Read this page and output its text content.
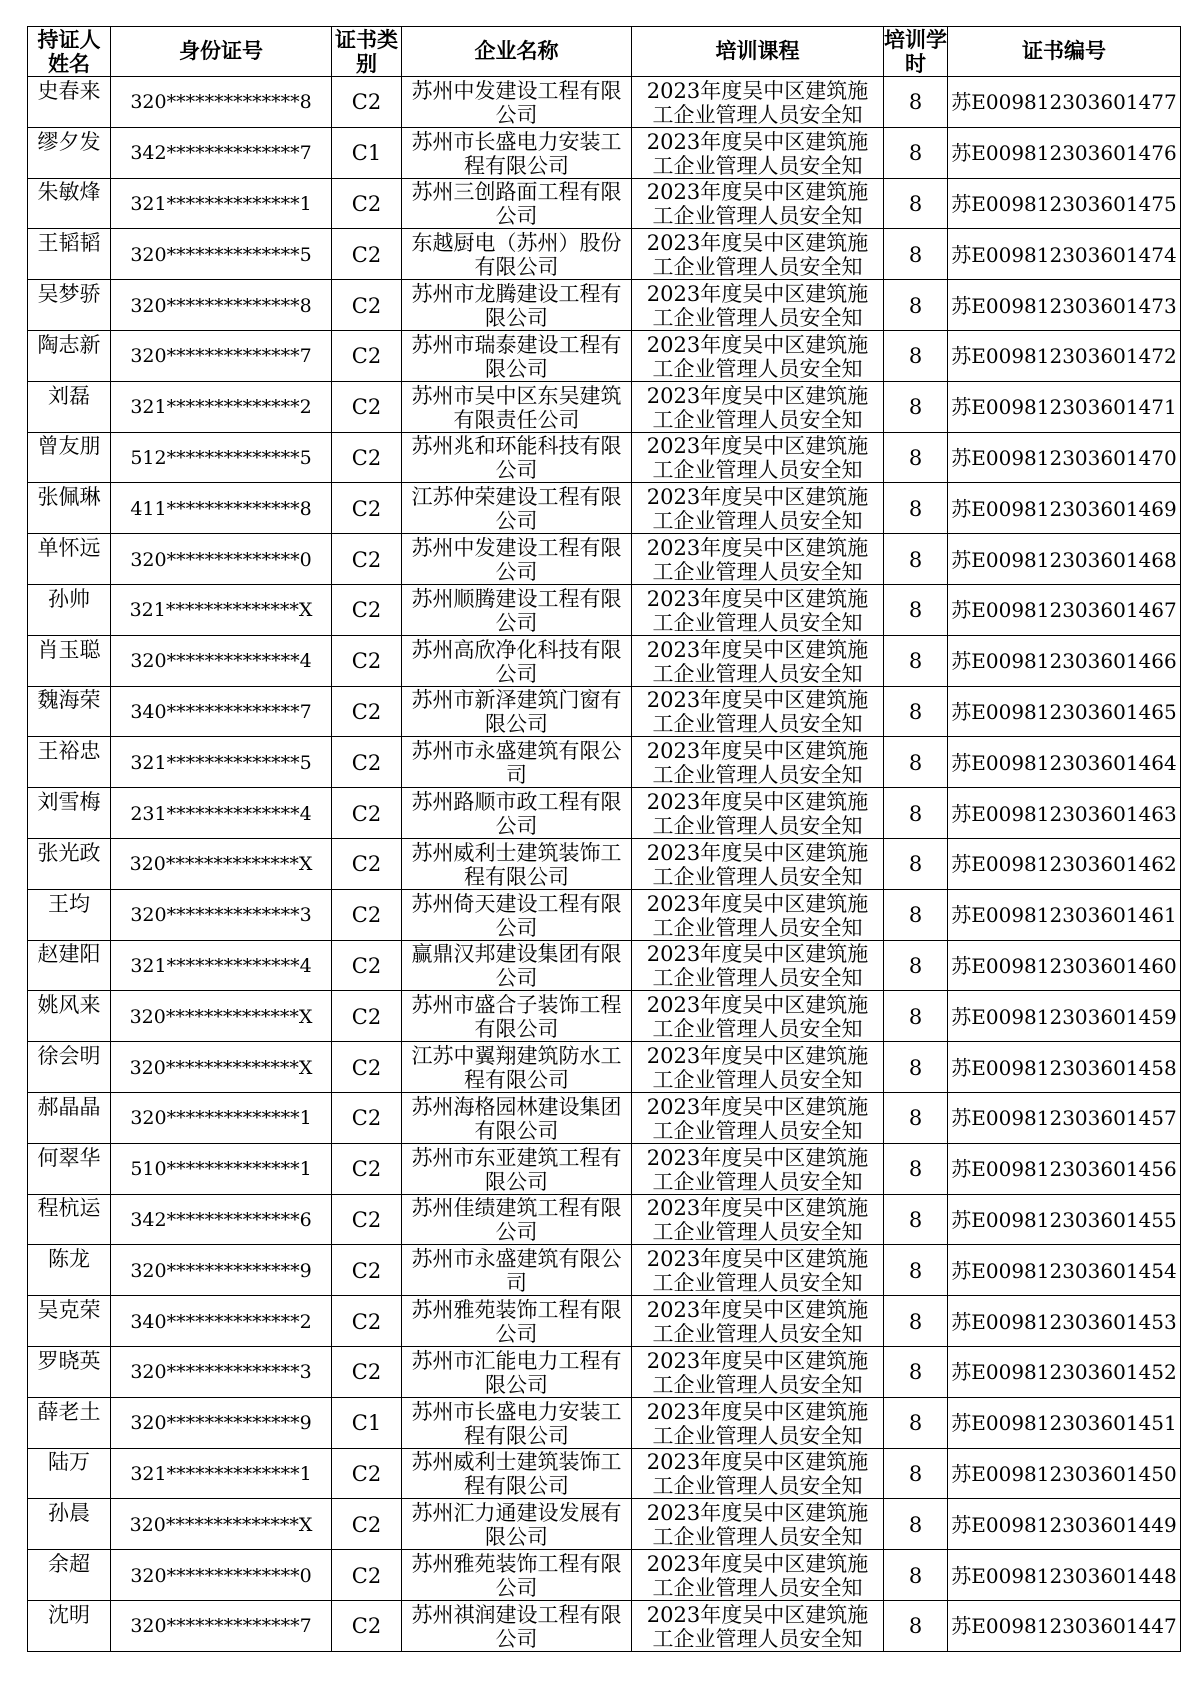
持证人姓名	身份证号	证书类别	企业名称	培训课程	培训学时	证书编号

史春来	320**************8	C2	苏州中发建设工程有限公司	2023年度吴中区建筑施工企业管理人员安全知	8	苏E009812303601477

缪夕发	342**************7	C1	苏州市长盛电力安装工程有限公司	2023年度吴中区建筑施工企业管理人员安全知	8	苏E009812303601476

朱敏烽	321**************1	C2	苏州三创路面工程有限公司	2023年度吴中区建筑施工企业管理人员安全知	8	苏E009812303601475

王韬韬	320**************5	C2	东越厨电（苏州）股份有限公司	2023年度吴中区建筑施工企业管理人员安全知	8	苏E009812303601474

吴梦骄	320**************8	C2	苏州市龙腾建设工程有限公司	2023年度吴中区建筑施工企业管理人员安全知	8	苏E009812303601473

陶志新	320**************7	C2	苏州市瑞泰建设工程有限公司	2023年度吴中区建筑施工企业管理人员安全知	8	苏E009812303601472

刘磊	321**************2	C2	苏州市吴中区东吴建筑有限责任公司	2023年度吴中区建筑施工企业管理人员安全知	8	苏E009812303601471

曾友朋	512**************5	C2	苏州兆和环能科技有限公司	2023年度吴中区建筑施工企业管理人员安全知	8	苏E009812303601470

张佩琳	411**************8	C2	江苏仲荣建设工程有限公司	2023年度吴中区建筑施工企业管理人员安全知	8	苏E009812303601469

单怀远	320**************0	C2	苏州中发建设工程有限公司	2023年度吴中区建筑施工企业管理人员安全知	8	苏E009812303601468

孙帅	321**************X	C2	苏州顺腾建设工程有限公司	2023年度吴中区建筑施工企业管理人员安全知	8	苏E009812303601467

肖玉聪	320**************4	C2	苏州高欣净化科技有限公司	2023年度吴中区建筑施工企业管理人员安全知	8	苏E009812303601466

魏海荣	340**************7	C2	苏州市新泽建筑门窗有限公司	2023年度吴中区建筑施工企业管理人员安全知	8	苏E009812303601465

王裕忠	321**************5	C2	苏州市永盛建筑有限公司	2023年度吴中区建筑施工企业管理人员安全知	8	苏E009812303601464

刘雪梅	231**************4	C2	苏州路顺市政工程有限公司	2023年度吴中区建筑施工企业管理人员安全知	8	苏E009812303601463

张光政	320**************X	C2	苏州威利士建筑装饰工程有限公司	2023年度吴中区建筑施工企业管理人员安全知	8	苏E009812303601462

王均	320**************3	C2	苏州倚天建设工程有限公司	2023年度吴中区建筑施工企业管理人员安全知	8	苏E009812303601461

赵建阳	321**************4	C2	赢鼎汉邦建设集团有限公司	2023年度吴中区建筑施工企业管理人员安全知	8	苏E009812303601460

姚风来	320**************X	C2	苏州市盛合子装饰工程有限公司	2023年度吴中区建筑施工企业管理人员安全知	8	苏E009812303601459

徐会明	320**************X	C2	江苏中翼翔建筑防水工程有限公司	2023年度吴中区建筑施工企业管理人员安全知	8	苏E009812303601458

郝晶晶	320**************1	C2	苏州海格园林建设集团有限公司	2023年度吴中区建筑施工企业管理人员安全知	8	苏E009812303601457

何翠华	510**************1	C2	苏州市东亚建筑工程有限公司	2023年度吴中区建筑施工企业管理人员安全知	8	苏E009812303601456

程杭运	342**************6	C2	苏州佳绩建筑工程有限公司	2023年度吴中区建筑施工企业管理人员安全知	8	苏E009812303601455

陈龙	320**************9	C2	苏州市永盛建筑有限公司	2023年度吴中区建筑施工企业管理人员安全知	8	苏E009812303601454

吴克荣	340**************2	C2	苏州雅苑装饰工程有限公司	2023年度吴中区建筑施工企业管理人员安全知	8	苏E009812303601453

罗晓英	320**************3	C2	苏州市汇能电力工程有限公司	2023年度吴中区建筑施工企业管理人员安全知	8	苏E009812303601452

薛老土	320**************9	C1	苏州市长盛电力安装工程有限公司	2023年度吴中区建筑施工企业管理人员安全知	8	苏E009812303601451

陆万	321**************1	C2	苏州威利士建筑装饰工程有限公司	2023年度吴中区建筑施工企业管理人员安全知	8	苏E009812303601450

孙晨	320**************X	C2	苏州汇力通建设发展有限公司	2023年度吴中区建筑施工企业管理人员安全知	8	苏E009812303601449

余超	320**************0	C2	苏州雅苑装饰工程有限公司	2023年度吴中区建筑施工企业管理人员安全知	8	苏E009812303601448

沈明	320**************7	C2	苏州祺润建设工程有限公司	2023年度吴中区建筑施工企业管理人员安全知	8	苏E009812303601447
